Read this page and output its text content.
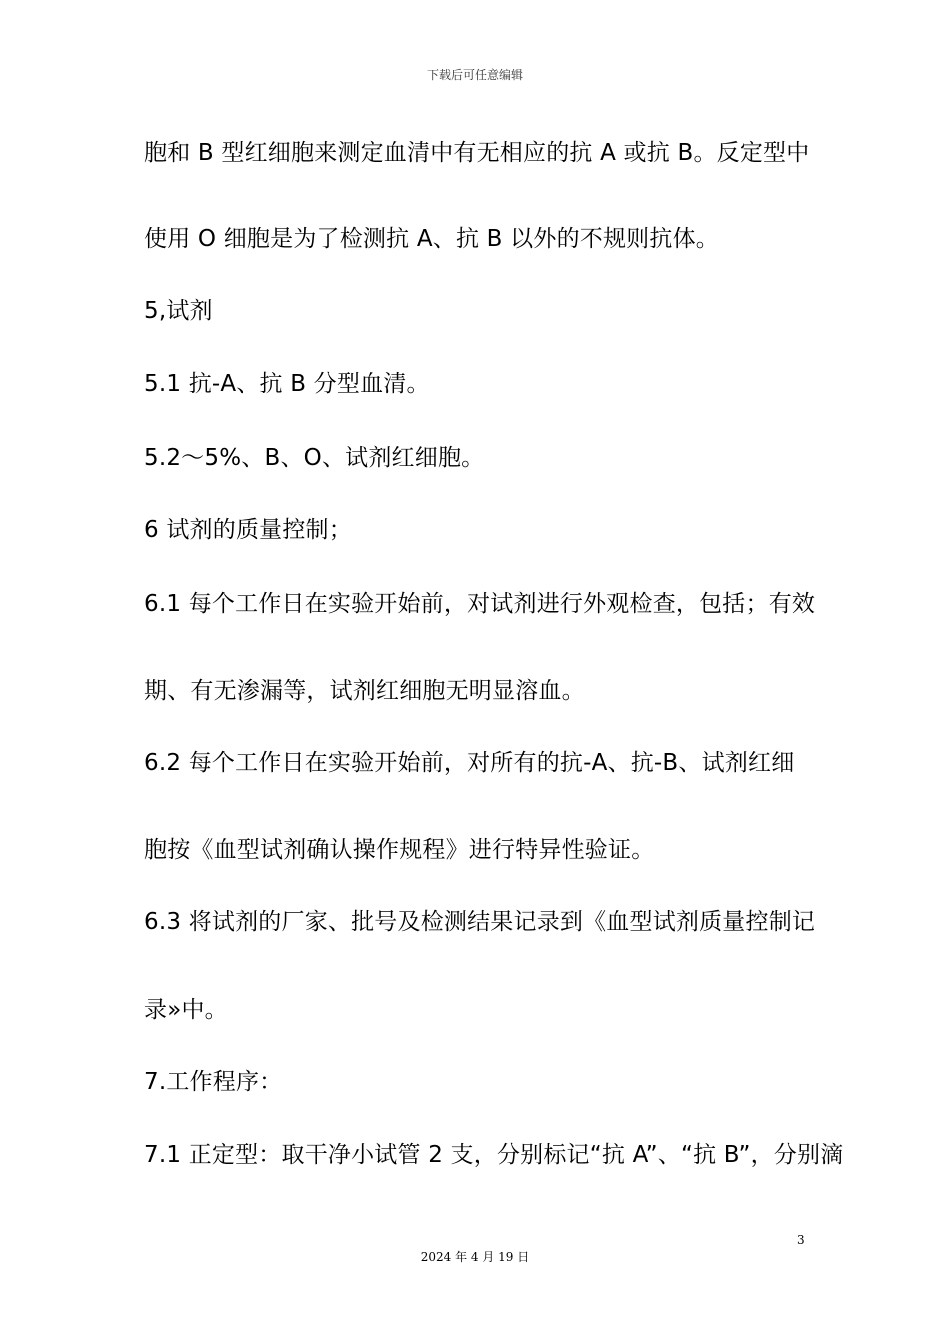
下载后可任意编辑
胞和 B 型红细胞来测定血清中有无相应的抗 A 或抗 B。反定型中
使用 O 细胞是为了检测抗 A、抗 B 以外的不规则抗体。
5,试剂
5.1 抗-A、抗 B 分型血清。
5.2～5%、B、O、试剂红细胞。
6 试剂的质量控制；
6.1 每个工作日在实验开始前，对试剂进行外观检查，包括；有效
期、有无渗漏等，试剂红细胞无明显溶血。
6.2 每个工作日在实验开始前，对所有的抗-A、抗-B、试剂红细
胞按《血型试剂确认操作规程》进行特异性验证。
6.3 将试剂的厂家、批号及检测结果记录到《血型试剂质量控制记
录»中。
7.工作程序：
7.1 正定型：取干净小试管 2 支，分别标记“抗 A”、“抗 B”，分别滴
3
2024 年 4 月 19 日
